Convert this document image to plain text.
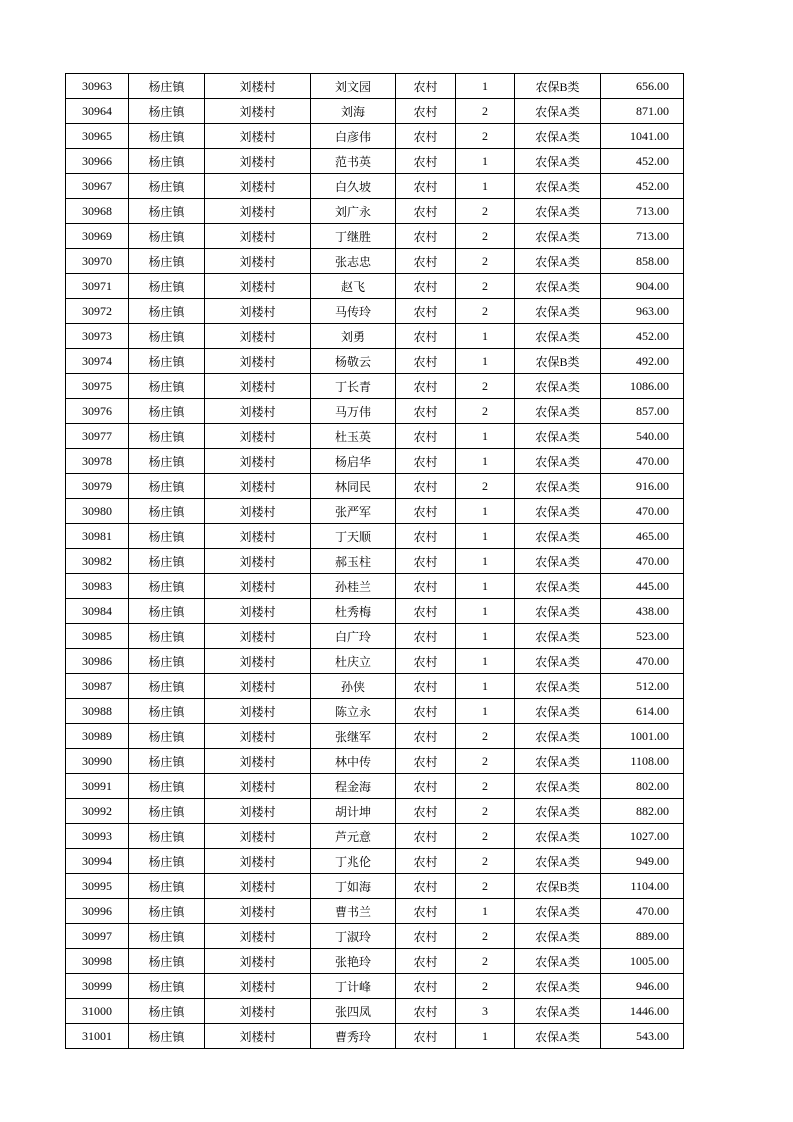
30963	杨庄镇	刘楼村	刘文园	农村	1	农保B类	656.00
30964	杨庄镇	刘楼村	刘海	农村	2	农保A类	871.00
30965	杨庄镇	刘楼村	白彦伟	农村	2	农保A类	1041.00
30966	杨庄镇	刘楼村	范书英	农村	1	农保A类	452.00
30967	杨庄镇	刘楼村	白久坡	农村	1	农保A类	452.00
30968	杨庄镇	刘楼村	刘广永	农村	2	农保A类	713.00
30969	杨庄镇	刘楼村	丁继胜	农村	2	农保A类	713.00
30970	杨庄镇	刘楼村	张志忠	农村	2	农保A类	858.00
30971	杨庄镇	刘楼村	赵飞	农村	2	农保A类	904.00
30972	杨庄镇	刘楼村	马传玲	农村	2	农保A类	963.00
30973	杨庄镇	刘楼村	刘勇	农村	1	农保A类	452.00
30974	杨庄镇	刘楼村	杨敬云	农村	1	农保B类	492.00
30975	杨庄镇	刘楼村	丁长青	农村	2	农保A类	1086.00
30976	杨庄镇	刘楼村	马万伟	农村	2	农保A类	857.00
30977	杨庄镇	刘楼村	杜玉英	农村	1	农保A类	540.00
30978	杨庄镇	刘楼村	杨启华	农村	1	农保A类	470.00
30979	杨庄镇	刘楼村	林同民	农村	2	农保A类	916.00
30980	杨庄镇	刘楼村	张严军	农村	1	农保A类	470.00
30981	杨庄镇	刘楼村	丁天顺	农村	1	农保A类	465.00
30982	杨庄镇	刘楼村	郝玉柱	农村	1	农保A类	470.00
30983	杨庄镇	刘楼村	孙桂兰	农村	1	农保A类	445.00
30984	杨庄镇	刘楼村	杜秀梅	农村	1	农保A类	438.00
30985	杨庄镇	刘楼村	白广玲	农村	1	农保A类	523.00
30986	杨庄镇	刘楼村	杜庆立	农村	1	农保A类	470.00
30987	杨庄镇	刘楼村	孙侠	农村	1	农保A类	512.00
30988	杨庄镇	刘楼村	陈立永	农村	1	农保A类	614.00
30989	杨庄镇	刘楼村	张继军	农村	2	农保A类	1001.00
30990	杨庄镇	刘楼村	林中传	农村	2	农保A类	1108.00
30991	杨庄镇	刘楼村	程金海	农村	2	农保A类	802.00
30992	杨庄镇	刘楼村	胡计坤	农村	2	农保A类	882.00
30993	杨庄镇	刘楼村	芦元意	农村	2	农保A类	1027.00
30994	杨庄镇	刘楼村	丁兆伦	农村	2	农保A类	949.00
30995	杨庄镇	刘楼村	丁如海	农村	2	农保B类	1104.00
30996	杨庄镇	刘楼村	曹书兰	农村	1	农保A类	470.00
30997	杨庄镇	刘楼村	丁淑玲	农村	2	农保A类	889.00
30998	杨庄镇	刘楼村	张艳玲	农村	2	农保A类	1005.00
30999	杨庄镇	刘楼村	丁计峰	农村	2	农保A类	946.00
31000	杨庄镇	刘楼村	张四凤	农村	3	农保A类	1446.00
31001	杨庄镇	刘楼村	曹秀玲	农村	1	农保A类	543.00
